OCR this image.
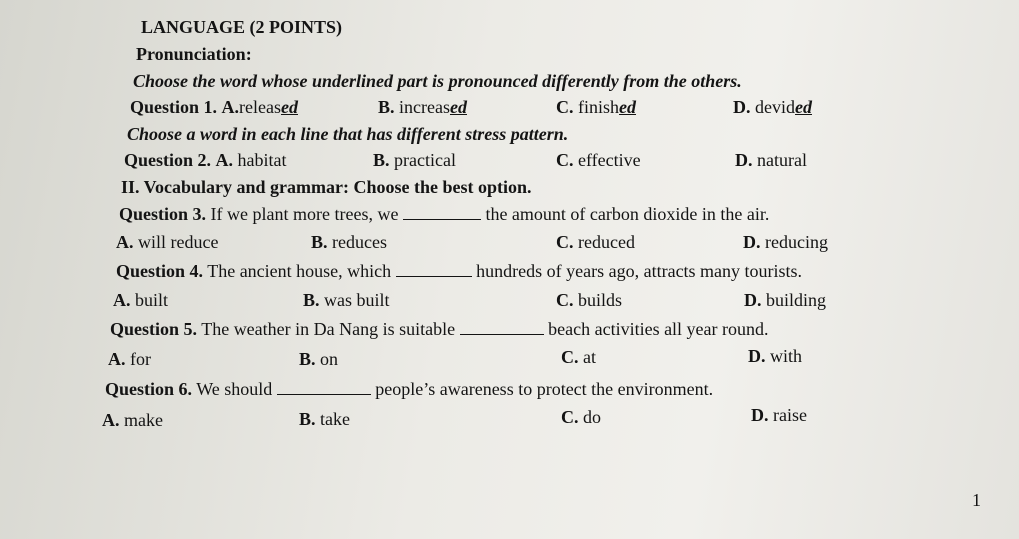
LANGUAGE (2 POINTS)
Pronunciation:
Choose the word whose underlined part is pronounced differently from the others.
Question 1. A.released	B. increased	C. finished	D. devided
Choose a word in each line that has different stress pattern.
Question 2. A. habitat	B. practical	C. effective	D. natural
II. Vocabulary and grammar: Choose the best option.
Question 3. If we plant more trees, we	the amount of carbon dioxide in the air.
A. will reduce	B. reduces	C. reduced	D. reducing
Question 4. The ancient house, which	hundreds of years ago, attracts many tourists.
A. built	B. was built	C. builds	D. building
Question 5. The weather in Da Nang is suitable	beach activities all year round.
A. for	B. on	C. at	D. with
Question 6. We should	people’s awareness to protect the environment.
A. make	B. take	C. do	D. raise
1
